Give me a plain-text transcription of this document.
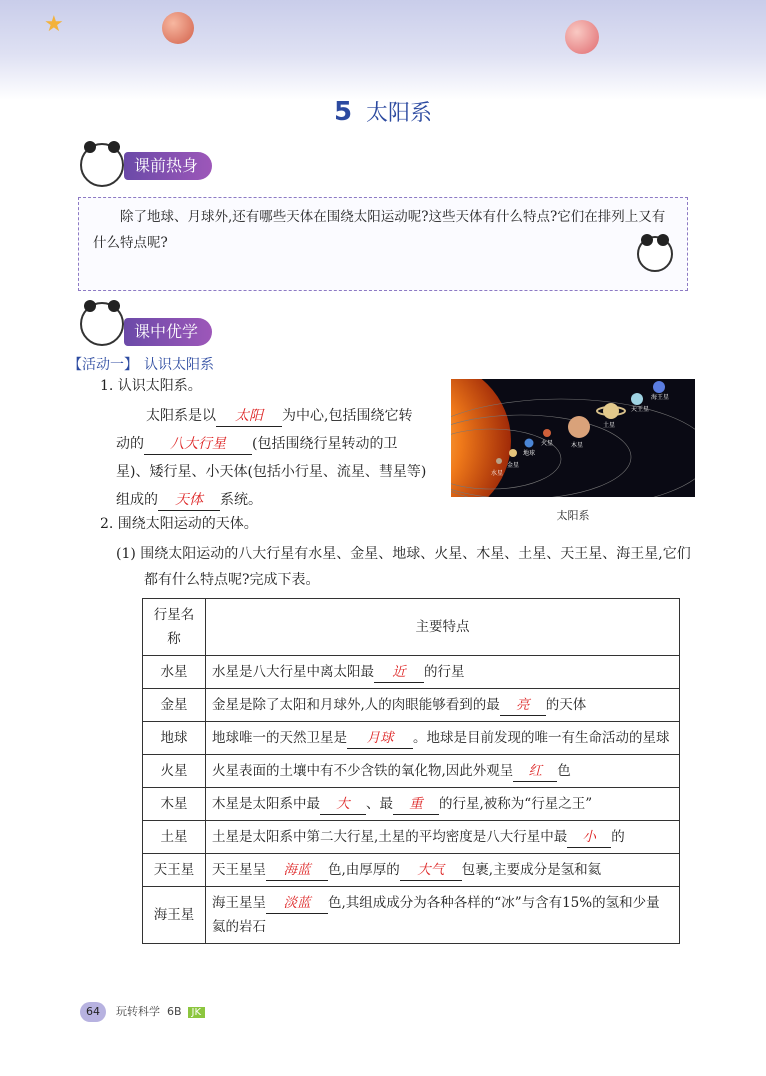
★
5 太阳系
课前热身

除了地球、月球外,还有哪些天体在围绕太阳运动呢?这些天体有什么特点?它们在排列上又有什么特点呢?

课中优学
【活动一】 认识太阳系
1. 认识太阳系。
太阳系是以 太阳 为中心,包括围绕它转
动的 八大行星 (包括围绕行星转动的卫
星)、矮行星、小天体(包括小行星、流星、彗星等)
组成的 天体 系统。
水星
金星
地球
火星	木星
土星
天王星
海王星
太阳系
2. 围绕太阳运动的天体。
(1) 围绕太阳运动的八大行星有水星、金星、地球、火星、木星、土星、天王星、海王星,它们
都有什么特点呢?完成下表。
行星名称	主要特点
水星	水星是八大行星中离太阳最 近 的行星
金星	金星是除了太阳和月球外,人的肉眼能够看到的最 亮 的天体
地球	地球唯一的天然卫星是 月球 。地球是目前发现的唯一有生命活动的星球
火星	火星表面的土壤中有不少含铁的氧化物,因此外观呈 红 色
木星	木星是太阳系中最 大 、最 重 的行星,被称为“行星之王”
土星	土星是太阳系中第二大行星,土星的平均密度是八大行星中最 小 的
天王星	天王星呈 海蓝 色,由厚厚的 大气 包裹,主要成分是氢和氦
海王星	海王星呈 淡蓝 色,其组成成分为各种各样的“冰”与含有15%的氢和少量氦的岩石
64 玩转科学 6B JK
